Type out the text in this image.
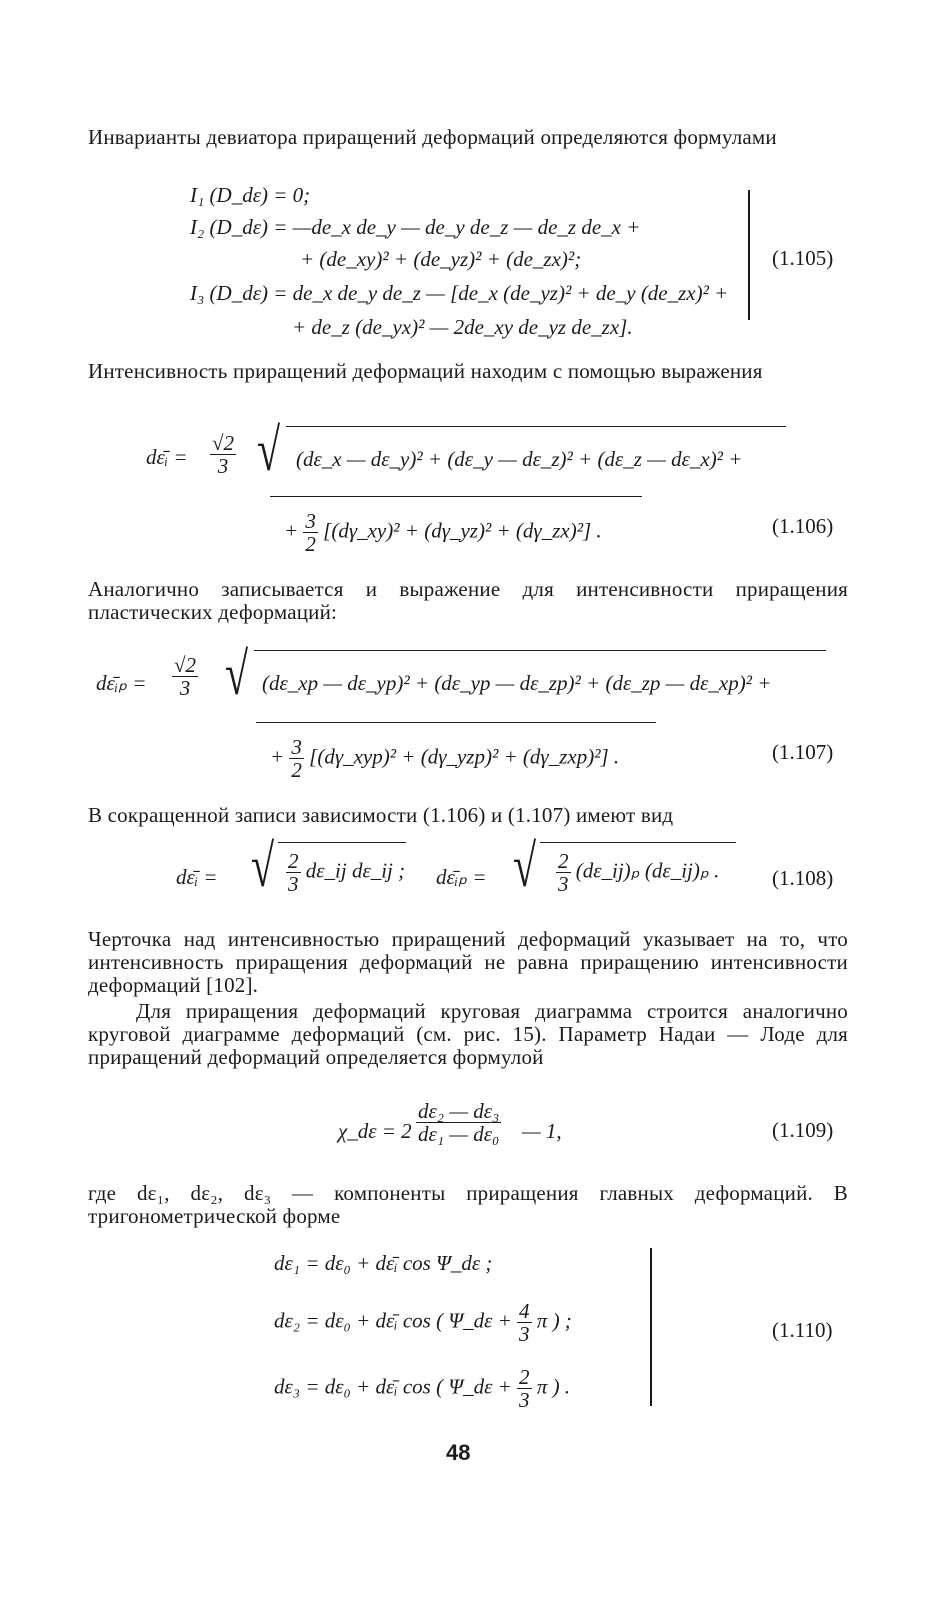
Инварианты девиатора приращений деформаций определяются формулами

I₁ (D_dε) = 0;
I₂ (D_dε) = —de_x de_y — de_y de_z — de_z de_x +
+ (de_xy)² + (de_yz)² + (de_zx)²;
I₃ (D_dε) = de_x de_y de_z — [de_x (de_yz)² + de_y (de_zx)² +
+ de_z (de_yx)² — 2de_xy de_yz de_zx].
(1.105)

Интенсивность приращений деформаций находим с помощью выражения

dε̄ᵢ = $\frac{√2}{3}$ √ (dε_x — dε_y)² + (dε_y — dε_z)² + (dε_z — dε_x)² +
+ $\frac{3}{2}$ [(dγ_xy)² + (dγ_yz)² + (dγ_zx)²] .	(1.106)

Аналогично записывается и выражение для интенсивности приращения пластических деформаций:

dε̄ᵢₚ = $\frac{√2}{3}$ √ (dε_xp — dε_yp)² + (dε_yp — dε_zp)² + (dε_zp — dε_xp)² +
+ $\frac{3}{2}$ [(dγ_xyp)² + (dγ_yzp)² + (dγ_zxp)²] .	(1.107)

В сокращенной записи зависимости (1.106) и (1.107) имеют вид

dε̄ᵢ = √ $\frac{2}{3}$ dε_ij dε_ij ; dε̄ᵢₚ = √ $\frac{2}{3}$ (dε_ij)ₚ (dε_ij)ₚ .	(1.108)

Черточка над интенсивностью приращений деформаций указывает на то, что интенсивность приращения деформаций не равна приращению интенсивности деформаций [102].

Для приращения деформаций круговая диаграмма строится аналогично круговой диаграмме деформаций (см. рис. 15). Параметр Надаи — Лоде для приращений деформаций определяется формулой

χ_dε = $2 \frac{\text{dε₂ — dε₃}}{\text{dε₁ — dε₀}}$ — 1,	(1.109)

где dε₁, dε₂, dε₃ — компоненты приращения главных деформаций. В тригонометрической форме

dε₁ = dε₀ + dε̄ᵢ cos Ψ_dε ;
dε₂ = dε₀ + dε̄ᵢ cos ( Ψ_dε + $\frac{4}{3}$ π ) ;
dε₃ = dε₀ + dε̄ᵢ cos ( Ψ_dε + $\frac{2}{3}$ π ) .
(1.110)
48
